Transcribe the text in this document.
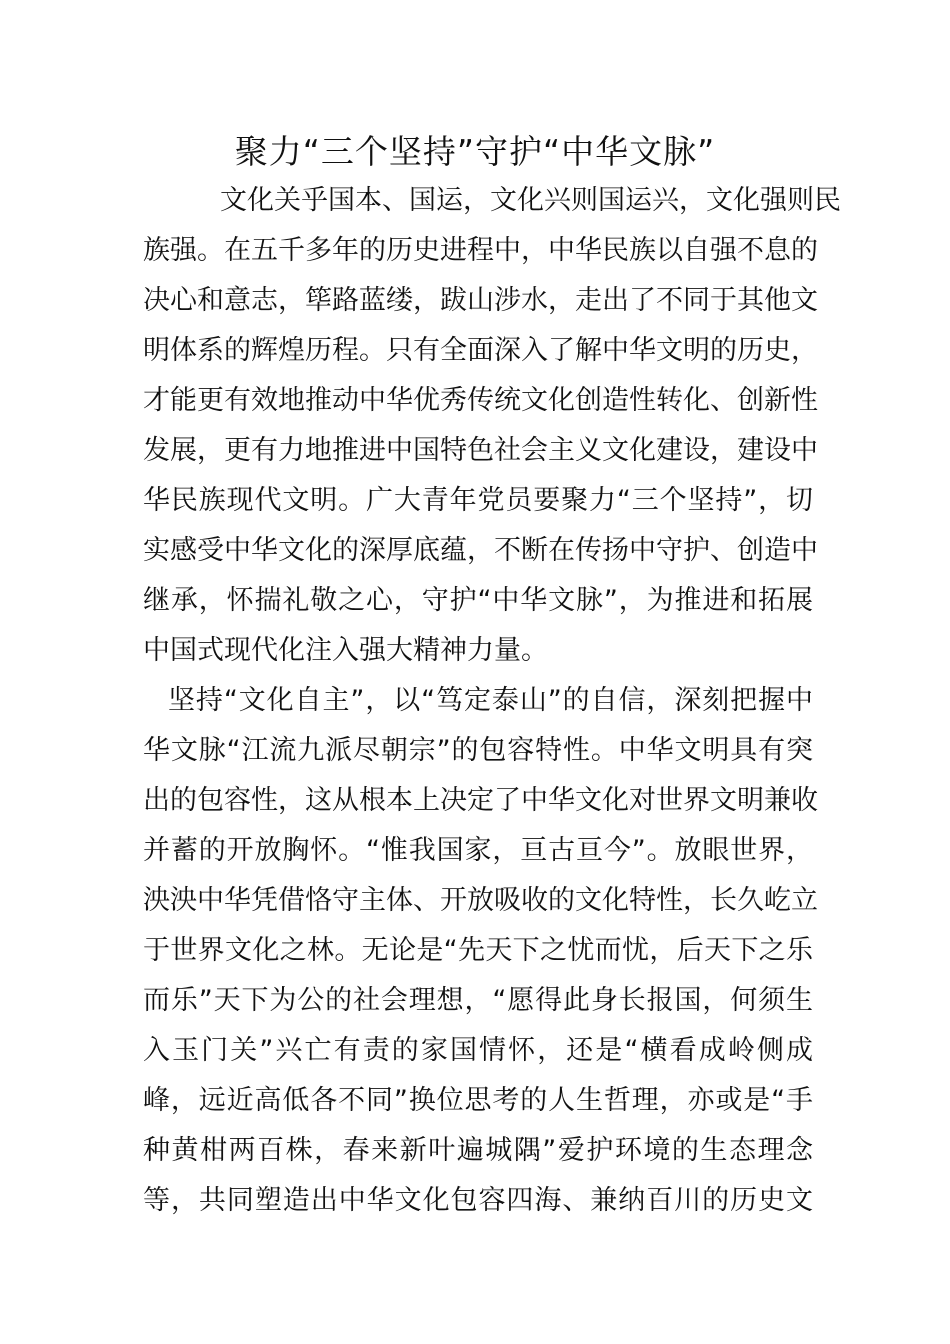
聚力“三个坚持”守护“中华文脉”
文化关乎国本、国运，文化兴则国运兴，文化强则民
族强。在五千多年的历史进程中，中华民族以自强不息的
决心和意志，筚路蓝缕，跋山涉水，走出了不同于其他文
明体系的辉煌历程。只有全面深入了解中华文明的历史，
才能更有效地推动中华优秀传统文化创造性转化、创新性
发展，更有力地推进中国特色社会主义文化建设，建设中
华民族现代文明。广大青年党员要聚力“三个坚持”，切
实感受中华文化的深厚底蕴，不断在传扬中守护、创造中
继承，怀揣礼敬之心，守护“中华文脉”，为推进和拓展
中国式现代化注入强大精神力量。
坚持“文化自主”，以“笃定泰山”的自信，深刻把握中
华文脉“江流九派尽朝宗”的包容特性。中华文明具有突
出的包容性，这从根本上决定了中华文化对世界文明兼收
并蓄的开放胸怀。“惟我国家，亘古亘今”。放眼世界，
泱泱中华凭借恪守主体、开放吸收的文化特性，长久屹立
于世界文化之林。无论是“先天下之忧而忧，后天下之乐
而乐”天下为公的社会理想，“愿得此身长报国，何须生
入玉门关”兴亡有责的家国情怀，还是“横看成岭侧成
峰，远近高低各不同”换位思考的人生哲理，亦或是“手
种黄柑两百株，春来新叶遍城隅”爱护环境的生态理念
等，共同塑造出中华文化包容四海、兼纳百川的历史文
